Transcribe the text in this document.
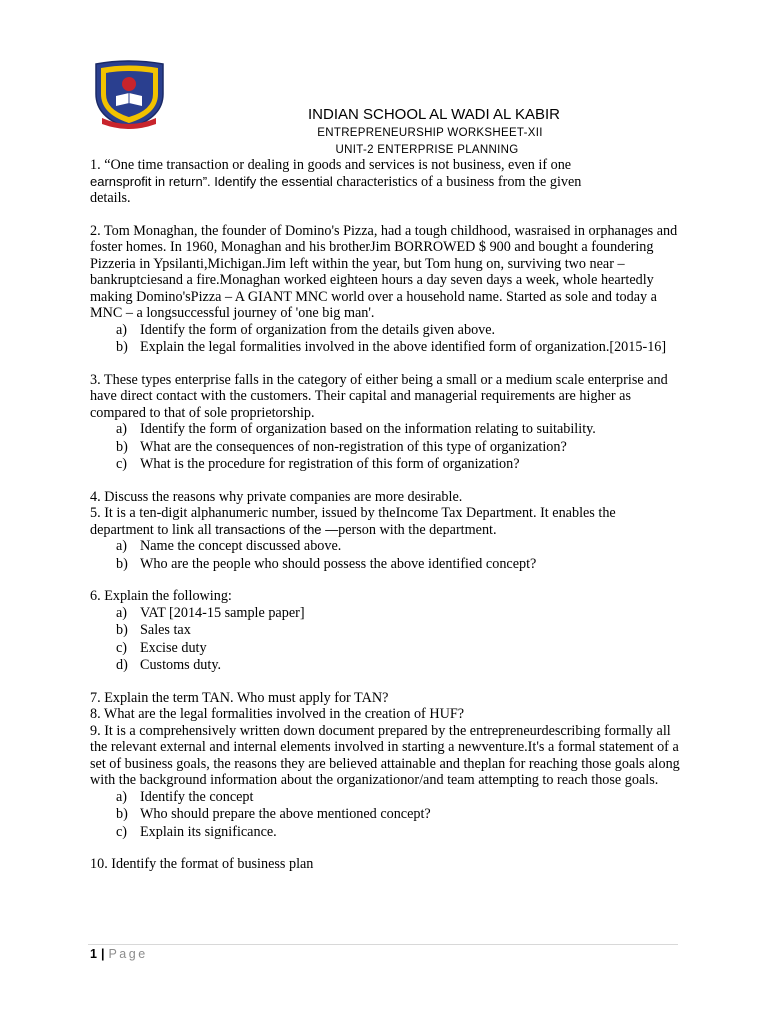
INDIAN SCHOOL AL WADI AL KABIR
ENTREPRENEURSHIP WORKSHEET-XII
UNIT-2 ENTERPRISE PLANNING
1. “One time transaction or dealing in goods and services is not business, even if one
earnsprofit in return”. Identify the essential characteristics of a business from the given
details.
2. Tom Monaghan, the founder of Domino's Pizza, had a tough childhood, wasraised in orphanages and foster homes. In 1960, Monaghan and his brotherJim BORROWED $ 900 and bought a foundering Pizzeria in Ypsilanti,Michigan.Jim left within the year, but Tom hung on, surviving two near – bankruptciesand a fire.Monaghan worked eighteen hours a day seven days a week, whole heartedly making Domino'sPizza – A GIANT MNC world over a household name. Started as sole and today a MNC – a longsuccessful journey of 'one big man'.
a) Identify the form of organization from the details given above.
b) Explain the legal formalities involved in the above identified form of organization.[2015-16]
3. These types enterprise falls in the category of either being a small or a medium scale enterprise and have direct contact with the customers. Their capital and managerial requirements are higher as compared to that of sole proprietorship.
a) Identify the form of organization based on the information relating to suitability.
b) What are the consequences of non-registration of this type of organization?
c) What is the procedure for registration of this form of organization?
4. Discuss the reasons why private companies are more desirable.
5. It is a ten-digit alphanumeric number, issued by theIncome Tax Department. It enables the
department to link all transactions of the —person with the department.
a) Name the concept discussed above.
b) Who are the people who should possess the above identified concept?
6. Explain the following:
a) VAT [2014-15 sample paper]
b) Sales tax
c) Excise duty
d) Customs duty.
7. Explain the term TAN. Who must apply for TAN?
8. What are the legal formalities involved in the creation of HUF?
9. It is a comprehensively written down document prepared by the entrepreneurdescribing formally all the relevant external and internal elements involved in starting a newventure.It's a formal statement of a set of business goals, the reasons they are believed attainable and theplan for reaching those goals along with the background information about the organizationor/and team attempting to reach those goals.
a) Identify the concept
b) Who should prepare the above mentioned concept?
c) Explain its significance.
10. Identify the format of business plan
1 | Page
